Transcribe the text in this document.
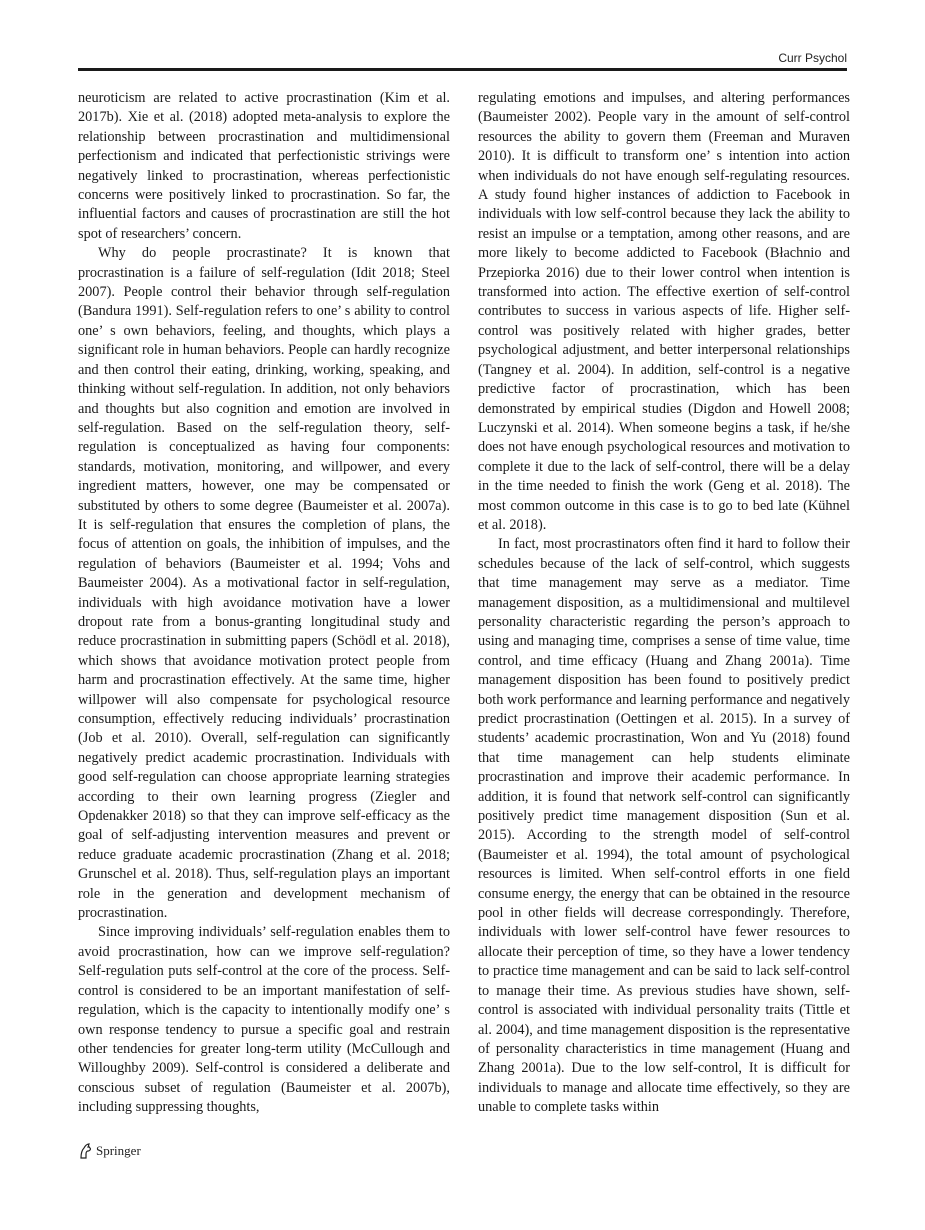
Curr Psychol

neuroticism are related to active procrastination (Kim et al. 2017b). Xie et al. (2018) adopted meta-analysis to explore the relationship between procrastination and multidimensional perfectionism and indicated that perfectionistic strivings were negatively linked to procrastination, whereas perfectionistic concerns were positively linked to procrastination. So far, the influential factors and causes of procrastination are still the hot spot of researchers’ concern.

Why do people procrastinate? It is known that procrastination is a failure of self-regulation (Idit 2018; Steel 2007). People control their behavior through self-regulation (Bandura 1991). Self-regulation refers to one’ s ability to control one’ s own behaviors, feeling, and thoughts, which plays a significant role in human behaviors. People can hardly recognize and then control their eating, drinking, working, speaking, and thinking without self-regulation. In addition, not only behaviors and thoughts but also cognition and emotion are involved in self-regulation. Based on the self-regulation theory, self-regulation is conceptualized as having four components: standards, motivation, monitoring, and willpower, and every ingredient matters, however, one may be compensated or substituted by others to some degree (Baumeister et al. 2007a). It is self-regulation that ensures the completion of plans, the focus of attention on goals, the inhibition of impulses, and the regulation of behaviors (Baumeister et al. 1994; Vohs and Baumeister 2004). As a motivational factor in self-regulation, individuals with high avoidance motivation have a lower dropout rate from a bonus-granting longitudinal study and reduce procrastination in submitting papers (Schödl et al. 2018), which shows that avoidance motivation protect people from harm and procrastination effectively. At the same time, higher willpower will also compensate for psychological resource consumption, effectively reducing individuals’ procrastination (Job et al. 2010). Overall, self-regulation can significantly negatively predict academic procrastination. Individuals with good self-regulation can choose appropriate learning strategies according to their own learning progress (Ziegler and Opdenakker 2018) so that they can improve self-efficacy as the goal of self-adjusting intervention measures and prevent or reduce graduate academic procrastination (Zhang et al. 2018; Grunschel et al. 2018). Thus, self-regulation plays an important role in the generation and development mechanism of procrastination.

Since improving individuals’ self-regulation enables them to avoid procrastination, how can we improve self-regulation? Self-regulation puts self-control at the core of the process. Self-control is considered to be an important manifestation of self-regulation, which is the capacity to intentionally modify one’ s own response tendency to pursue a specific goal and restrain other tendencies for greater long-term utility (McCullough and Willoughby 2009). Self-control is considered a deliberate and conscious subset of regulation (Baumeister et al. 2007b), including suppressing thoughts,

regulating emotions and impulses, and altering performances (Baumeister 2002). People vary in the amount of self-control resources the ability to govern them (Freeman and Muraven 2010). It is difficult to transform one’ s intention into action when individuals do not have enough self-regulating resources. A study found higher instances of addiction to Facebook in individuals with low self-control because they lack the ability to resist an impulse or a temptation, among other reasons, and are more likely to become addicted to Facebook (Błachnio and Przepiorka 2016) due to their lower control when intention is transformed into action. The effective exertion of self-control contributes to success in various aspects of life. Higher self-control was positively related with higher grades, better psychological adjustment, and better interpersonal relationships (Tangney et al. 2004). In addition, self-control is a negative predictive factor of procrastination, which has been demonstrated by empirical studies (Digdon and Howell 2008; Luczynski et al. 2014). When someone begins a task, if he/she does not have enough psychological resources and motivation to complete it due to the lack of self-control, there will be a delay in the time needed to finish the work (Geng et al. 2018). The most common outcome in this case is to go to bed late (Kühnel et al. 2018).

In fact, most procrastinators often find it hard to follow their schedules because of the lack of self-control, which suggests that time management may serve as a mediator. Time management disposition, as a multidimensional and multilevel personality characteristic regarding the person’s approach to using and managing time, comprises a sense of time value, time control, and time efficacy (Huang and Zhang 2001a). Time management disposition has been found to positively predict both work performance and learning performance and negatively predict procrastination (Oettingen et al. 2015). In a survey of students’ academic procrastination, Won and Yu (2018) found that time management can help students eliminate procrastination and improve their academic performance. In addition, it is found that network self-control can significantly positively predict time management disposition (Sun et al. 2015). According to the strength model of self-control (Baumeister et al. 1994), the total amount of psychological resources is limited. When self-control efforts in one field consume energy, the energy that can be obtained in the resource pool in other fields will decrease correspondingly. Therefore, individuals with lower self-control have fewer resources to allocate their perception of time, so they have a lower tendency to practice time management and can be said to lack self-control to manage their time. As previous studies have shown, self-control is associated with individual personality traits (Tittle et al. 2004), and time management disposition is the representative of personality characteristics in time management (Huang and Zhang 2001a). Due to the low self-control, It is difficult for individuals to manage and allocate time effectively, so they are unable to complete tasks within

Springer
